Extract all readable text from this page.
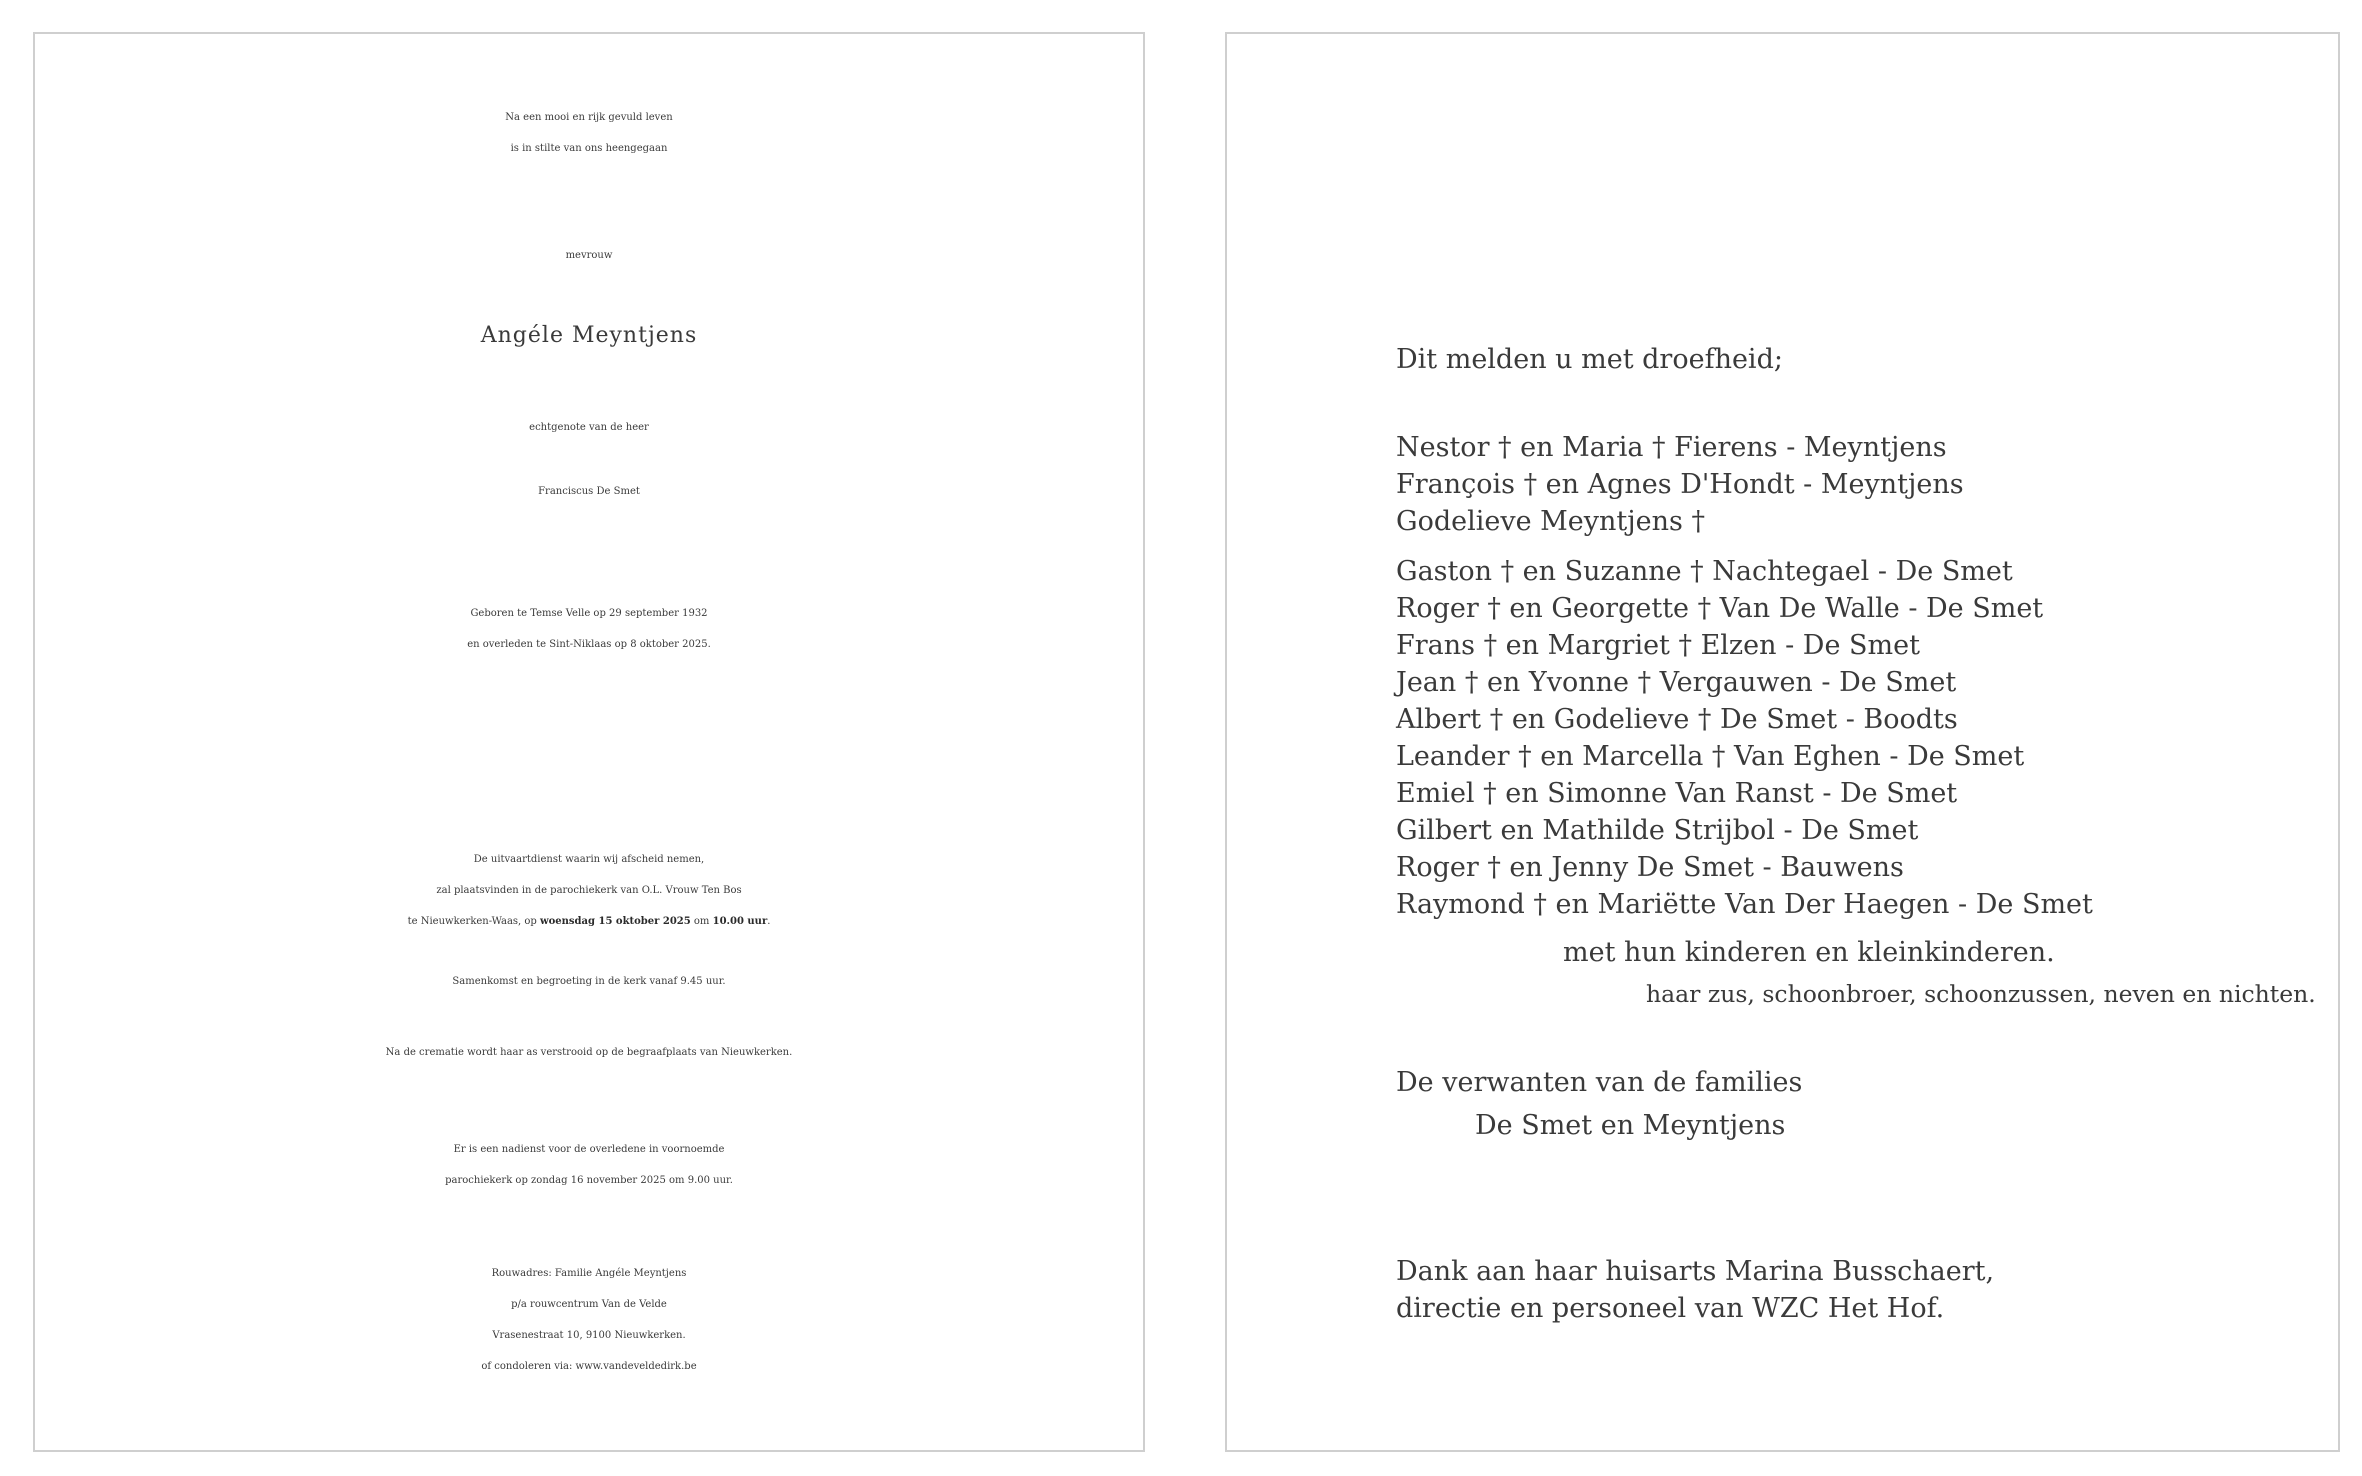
Na een mooi en rijk gevuld leven
is in stilte van ons heengegaan
mevrouw
Angéle Meyntjens
echtgenote van de heer
Franciscus De Smet
Geboren te Temse Velle op 29 september 1932
en overleden te Sint-Niklaas op 8 oktober 2025.
De uitvaartdienst waarin wij afscheid nemen,
zal plaatsvinden in de parochiekerk van O.L. Vrouw Ten Bos
te Nieuwkerken-Waas, op woensdag 15 oktober 2025 om 10.00 uur.
Samenkomst en begroeting in de kerk vanaf 9.45 uur.
Na de crematie wordt haar as verstrooid op de begraafplaats van Nieuwkerken.
Er is een nadienst voor de overledene in voornoemde
parochiekerk op zondag 16 november 2025 om 9.00 uur.
Rouwadres: Familie Angéle Meyntjens
p/a rouwcentrum Van de Velde
Vrasenestraat 10, 9100 Nieuwkerken.
of condoleren via: www.vandeveldedirk.be
Dit melden u met droefheid;
Nestor † en Maria † Fierens - Meyntjens
François † en Agnes D'Hondt - Meyntjens
Godelieve Meyntjens †
Gaston † en Suzanne † Nachtegael - De Smet
Roger † en Georgette † Van De Walle - De Smet
Frans † en Margriet † Elzen - De Smet
Jean † en Yvonne † Vergauwen - De Smet
Albert † en Godelieve † De Smet - Boodts
Leander † en Marcella † Van Eghen - De Smet
Emiel † en Simonne Van Ranst - De Smet
Gilbert en Mathilde Strijbol - De Smet
Roger † en Jenny De Smet - Bauwens
Raymond † en Mariëtte Van Der Haegen - De Smet
met hun kinderen en kleinkinderen.
haar zus, schoonbroer, schoonzussen, neven en nichten.
De verwanten van de families
De Smet en Meyntjens
Dank aan haar huisarts Marina Busschaert,
directie en personeel van WZC Het Hof.
